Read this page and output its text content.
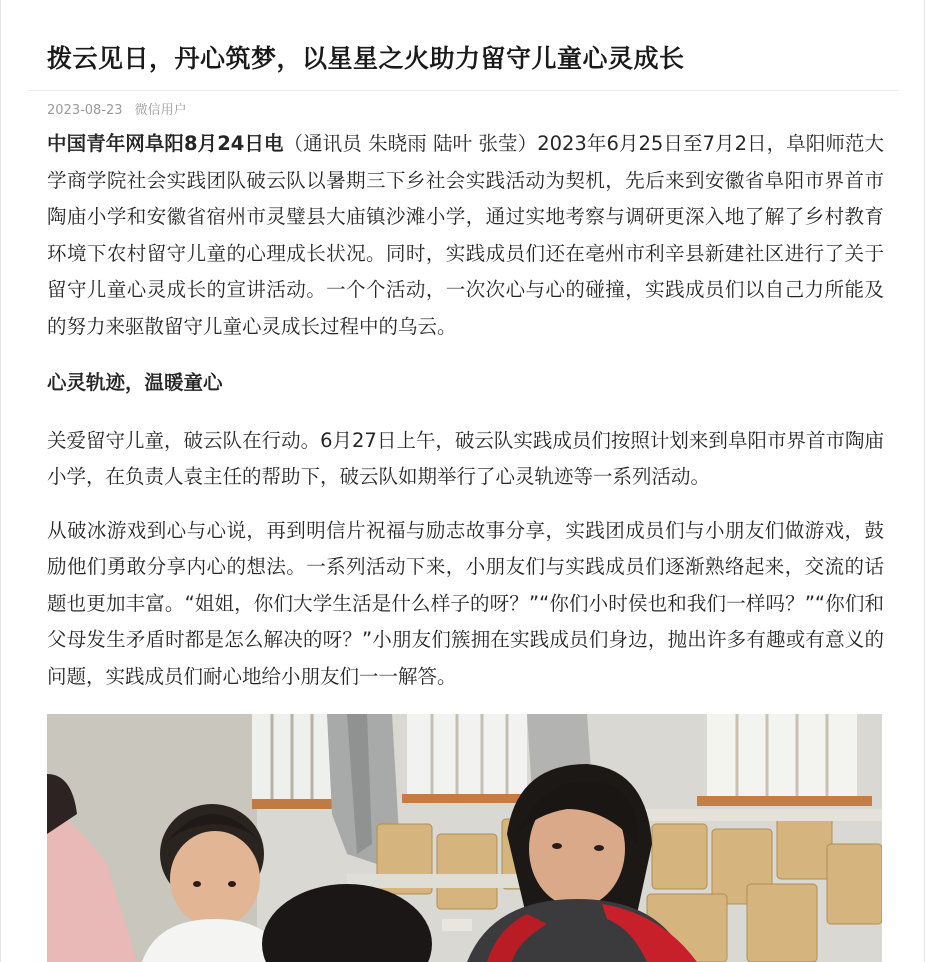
拨云见日，丹心筑梦，以星星之火助力留守儿童心灵成长
2023-08-23 微信用户

中国青年网阜阳8月24日电（通讯员 朱晓雨 陆叶 张莹）2023年6月25日至7月2日，阜阳师范大学商学院社会实践团队破云队以暑期三下乡社会实践活动为契机，先后来到安徽省阜阳市界首市陶庙小学和安徽省宿州市灵璧县大庙镇沙滩小学，通过实地考察与调研更深入地了解了乡村教育环境下农村留守儿童的心理成长状况。同时，实践成员们还在亳州市利辛县新建社区进行了关于留守儿童心灵成长的宣讲活动。一个个活动，一次次心与心的碰撞，实践成员们以自己力所能及的努力来驱散留守儿童心灵成长过程中的乌云。

心灵轨迹，温暖童心

关爱留守儿童，破云队在行动。6月27日上午，破云队实践成员们按照计划来到阜阳市界首市陶庙小学，在负责人袁主任的帮助下，破云队如期举行了心灵轨迹等一系列活动。

从破冰游戏到心与心说，再到明信片祝福与励志故事分享，实践团成员们与小朋友们做游戏，鼓励他们勇敢分享内心的想法。一系列活动下来，小朋友们与实践成员们逐渐熟络起来，交流的话题也更加丰富。“姐姐，你们大学生活是什么样子的呀？”“你们小时侯也和我们一样吗？”“你们和父母发生矛盾时都是怎么解决的呀？”小朋友们簇拥在实践成员们身边，抛出许多有趣或有意义的问题，实践成员们耐心地给小朋友们一一解答。
